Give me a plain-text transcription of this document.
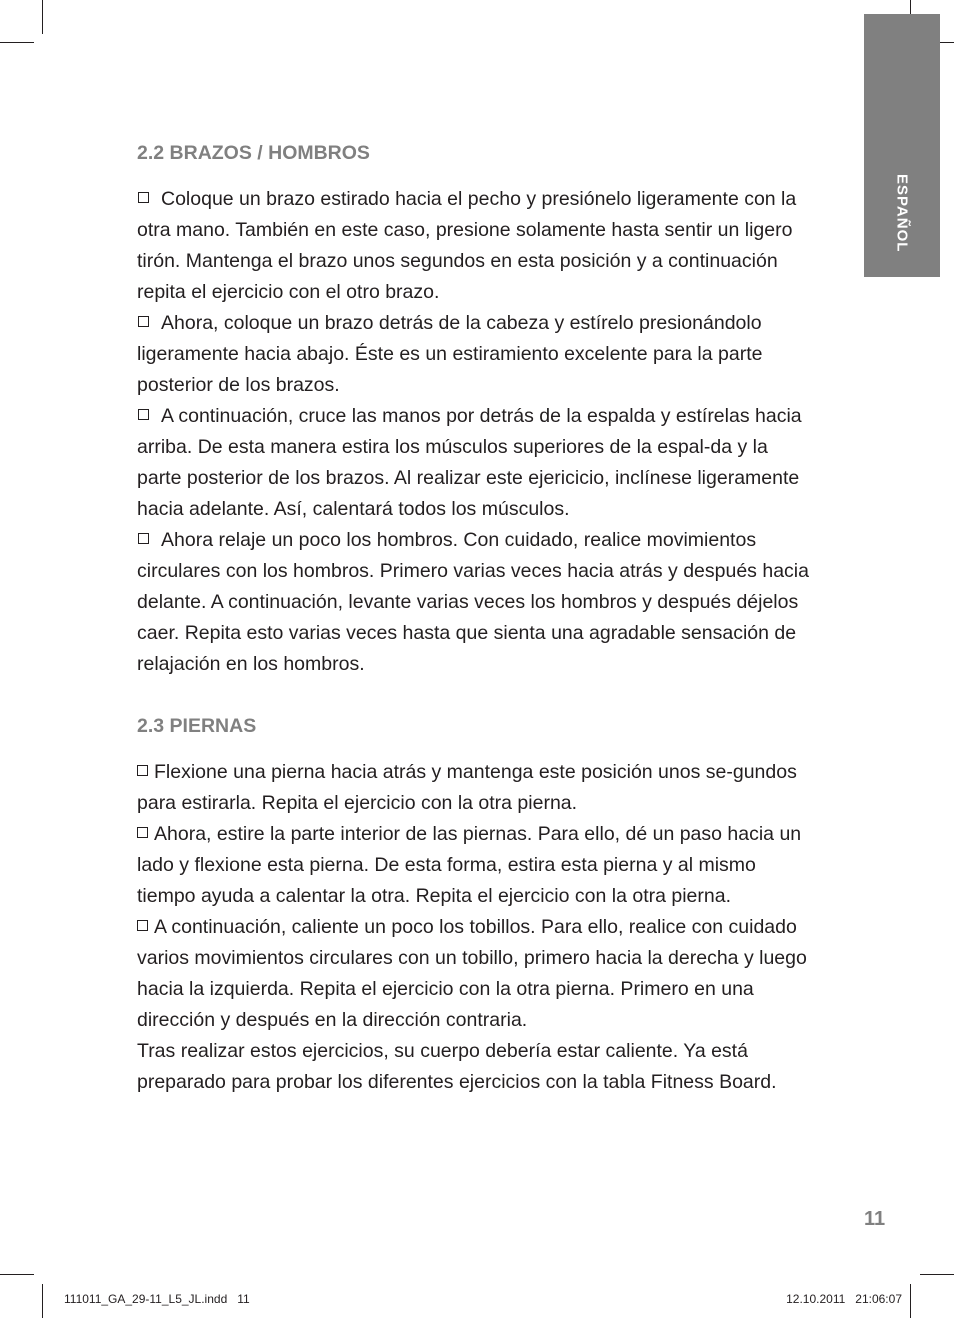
ESPAÑOL
2.2 BRAZOS / HOMBROS

Coloque un brazo estirado hacia el pecho y presiónelo ligeramente con la otra mano. También en este caso, presione solamente hasta sentir un ligero tirón. Mantenga el brazo unos segundos en esta posición y a continuación repita el ejercicio con el otro brazo.

Ahora, coloque un brazo detrás de la cabeza y estírelo presionándolo ligeramente hacia abajo. Éste es un estiramiento excelente para la parte posterior de los brazos.

A continuación, cruce las manos por detrás de la espalda y estírelas hacia arriba. De esta manera estira los músculos superiores de la espal-da y la parte posterior de los brazos. Al realizar este ejericicio, inclínese ligeramente hacia adelante. Así, calentará todos los músculos.

Ahora relaje un poco los hombros. Con cuidado, realice movimientos circulares con los hombros. Primero varias veces hacia atrás y después hacia delante. A continuación, levante varias veces los hombros y después déjelos caer. Repita esto varias veces hasta que sienta una agradable sensación de relajación en los hombros.

2.3 PIERNAS

Flexione una pierna hacia atrás y mantenga este posición unos se-gundos para estirarla. Repita el ejercicio con la otra pierna.

Ahora, estire la parte interior de las piernas. Para ello, dé un paso hacia un lado y flexione esta pierna. De esta forma, estira esta pierna y al mismo tiempo ayuda a calentar la otra. Repita el ejercicio con la otra pierna.

A continuación, caliente un poco los tobillos. Para ello, realice con cuidado varios movimientos circulares con un tobillo, primero hacia la derecha y luego hacia la izquierda. Repita el ejercicio con la otra pierna. Primero en una dirección y después en la dirección contraria.

Tras realizar estos ejercicios, su cuerpo debería estar caliente. Ya está preparado para probar los diferentes ejercicios con la tabla Fitness Board.

11
111011_GA_29-11_L5_JL.indd   11	12.10.2011   21:06:07
